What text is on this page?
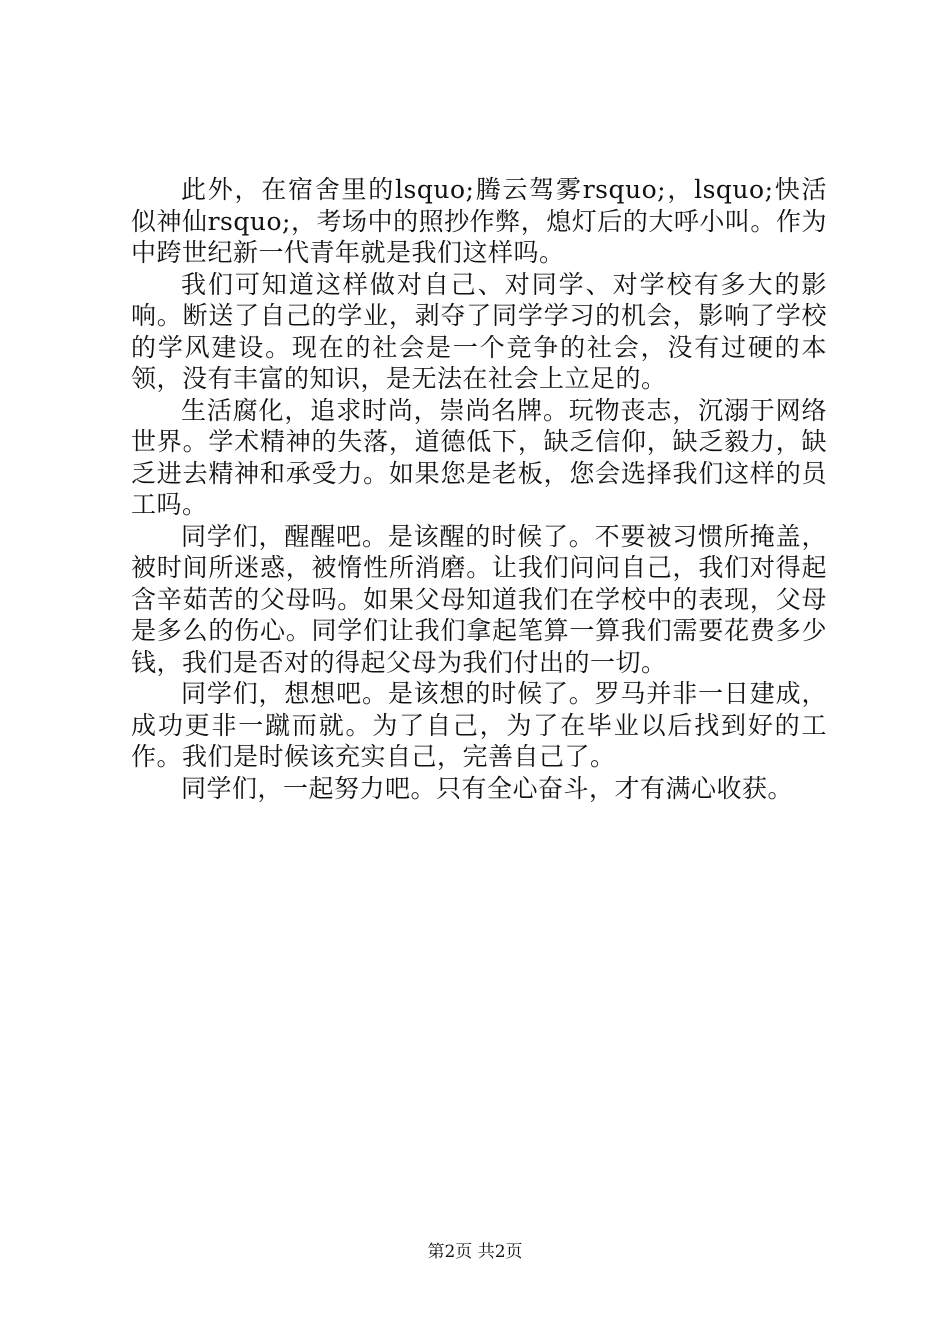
此外，在宿舍里的lsquo;腾云驾雾rsquo;，lsquo;快活似神仙rsquo;，考场中的照抄作弊，熄灯后的大呼小叫。作为中跨世纪新一代青年就是我们这样吗。

我们可知道这样做对自己、对同学、对学校有多大的影响。断送了自己的学业，剥夺了同学学习的机会，影响了学校的学风建设。现在的社会是一个竞争的社会，没有过硬的本领，没有丰富的知识，是无法在社会上立足的。

生活腐化，追求时尚，崇尚名牌。玩物丧志，沉溺于网络世界。学术精神的失落，道德低下，缺乏信仰，缺乏毅力，缺乏进去精神和承受力。如果您是老板，您会选择我们这样的员工吗。

同学们，醒醒吧。是该醒的时候了。不要被习惯所掩盖，被时间所迷惑，被惰性所消磨。让我们问问自己，我们对得起含辛茹苦的父母吗。如果父母知道我们在学校中的表现，父母是多么的伤心。同学们让我们拿起笔算一算我们需要花费多少钱，我们是否对的得起父母为我们付出的一切。

同学们，想想吧。是该想的时候了。罗马并非一日建成，成功更非一蹴而就。为了自己，为了在毕业以后找到好的工作。我们是时候该充实自己，完善自己了。

同学们，一起努力吧。只有全心奋斗，才有满心收获。

第2页 共2页
